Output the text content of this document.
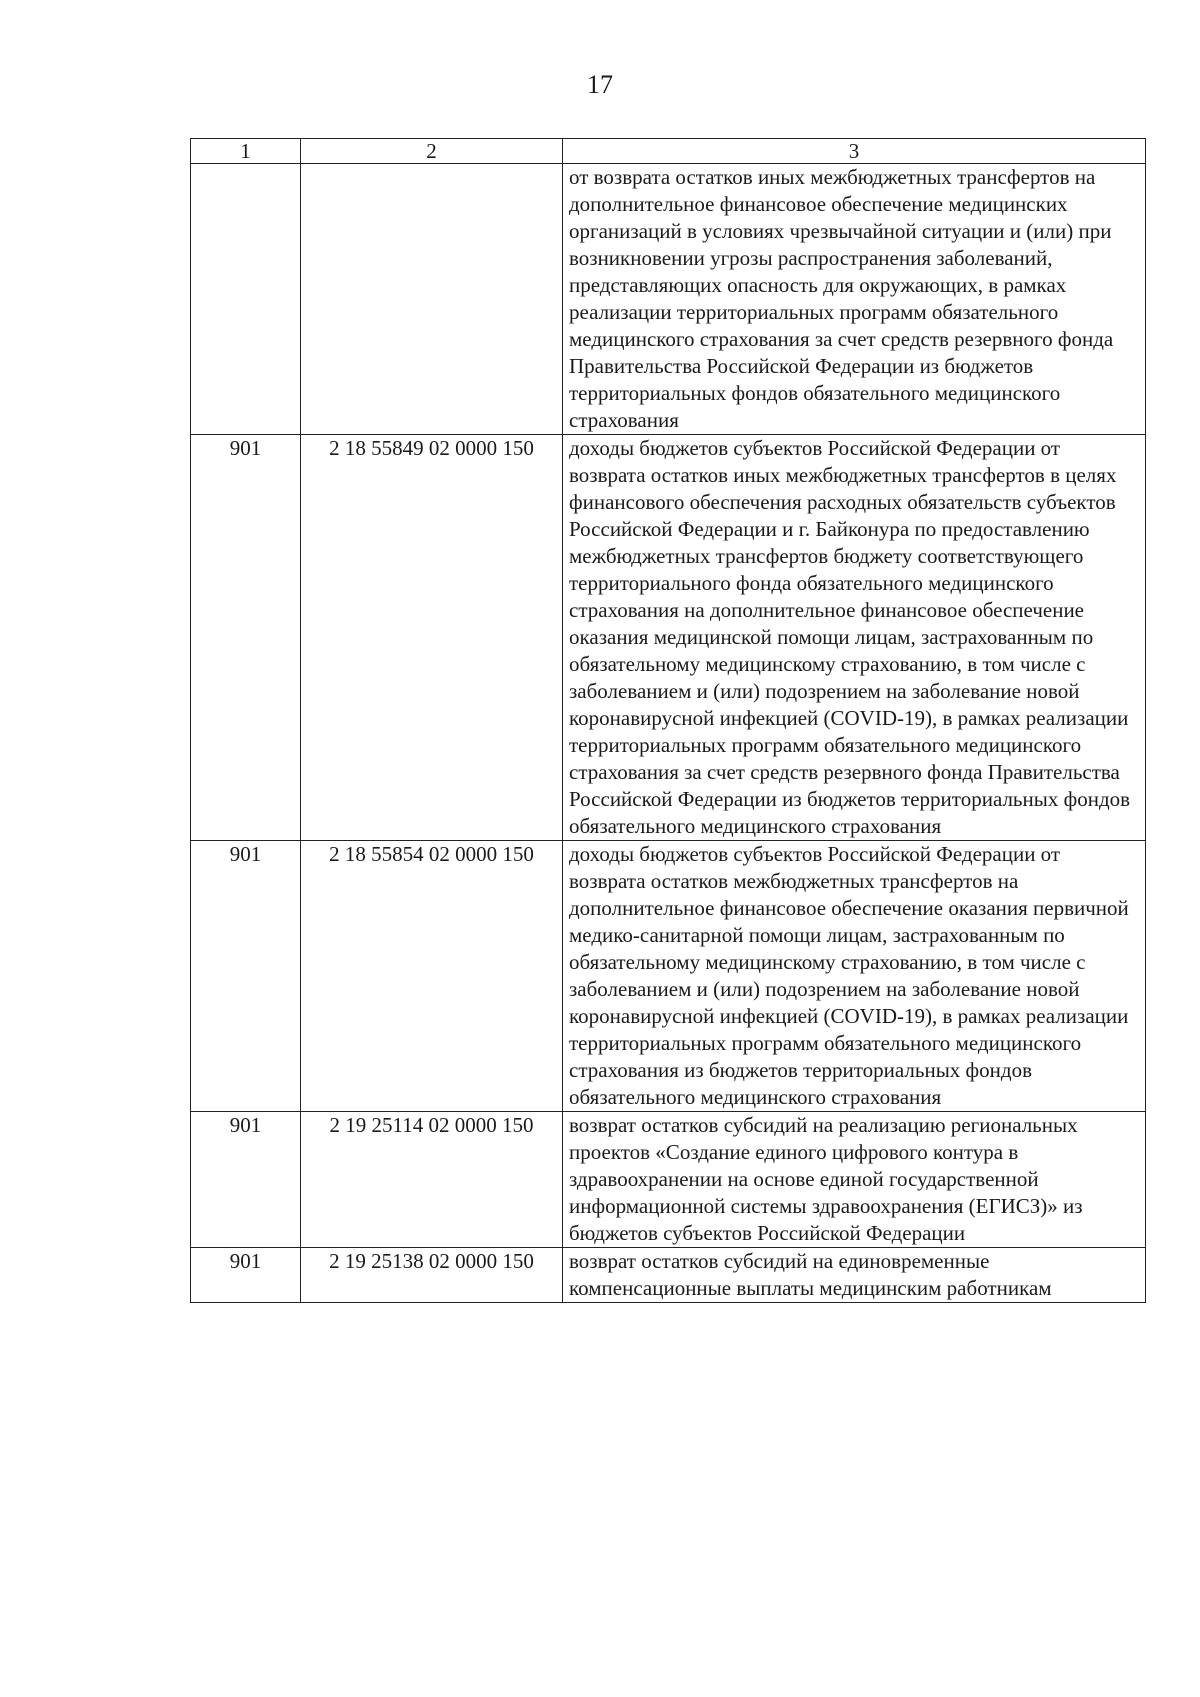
17
1	2	3
		от возврата остатков иных межбюджетных трансфертов на дополнительное финансовое обеспечение медицинских организаций в условиях чрезвычайной ситуации и (или) при возникновении угрозы распространения заболеваний, представляющих опасность для окружающих, в рамках реализации территориальных программ обязательного медицинского страхования за счет средств резервного фонда Правительства Российской Федерации из бюджетов территориальных фондов обязательного медицинского страхования
901	2 18 55849 02 0000 150	доходы бюджетов субъектов Российской Федерации от возврата остатков иных межбюджетных трансфертов в целях финансового обеспечения расходных обязательств субъектов Российской Федерации и г. Байконура по предоставлению межбюджетных трансфертов бюджету соответствующего территориального фонда обязательного медицинского страхования на дополнительное финансовое обеспечение оказания медицинской помощи лицам, застрахованным по обязательному медицинскому страхованию, в том числе с заболеванием и (или) подозрением на заболевание новой коронавирусной инфекцией (COVID-19), в рамках реализации территориальных программ обязательного медицинского страхования за счет средств резервного фонда Правительства Российской Федерации из бюджетов территориальных фондов обязательного медицинского страхования
901	2 18 55854 02 0000 150	доходы бюджетов субъектов Российской Федерации от возврата остатков межбюджетных трансфертов на дополнительное финансовое обеспечение оказания первичной медико-санитарной помощи лицам, застрахованным по обязательному медицинскому страхованию, в том числе с заболеванием и (или) подозрением на заболевание новой коронавирусной инфекцией (COVID-19), в рамках реализации территориальных программ обязательного медицинского страхования из бюджетов территориальных фондов обязательного медицинского страхования
901	2 19 25114 02 0000 150	возврат остатков субсидий на реализацию региональных проектов «Создание единого цифрового контура в здравоохранении на основе единой государственной информационной системы здравоохранения (ЕГИСЗ)» из бюджетов субъектов Российской Федерации
901	2 19 25138 02 0000 150	возврат остатков субсидий на единовременные компенсационные выплаты медицинским работникам
